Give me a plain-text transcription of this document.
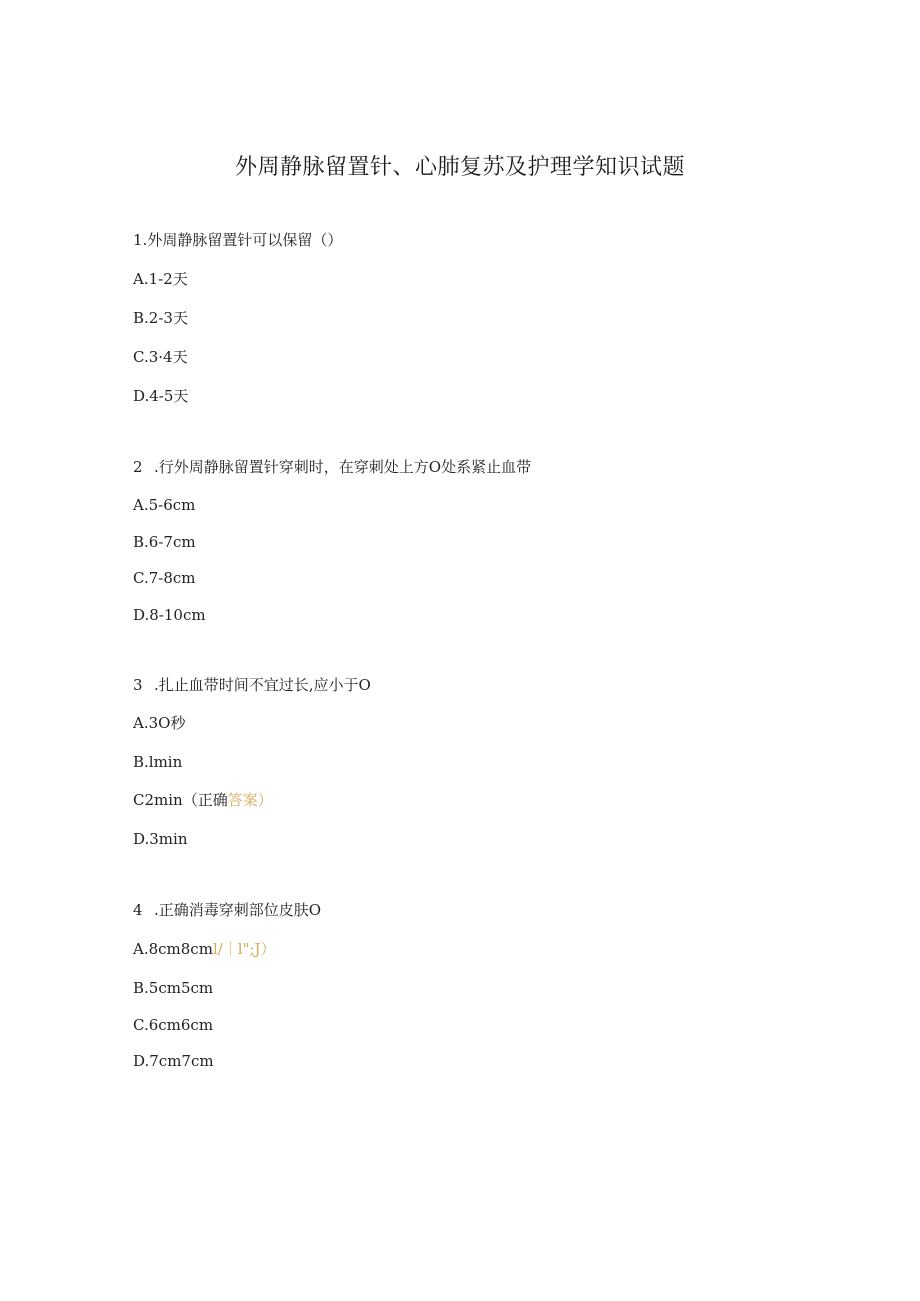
外周静脉留置针、心肺复苏及护理学知识试题
1.外周静脉留置针可以保留（）
A.1-2天
B.2-3天
C.3·4天
D.4-5天
2 .行外周静脉留置针穿刺时，在穿刺处上方O处系紧止血带
A.5-6cm
B.6-7cm
C.7-8cm
D.8-10cm
3 .扎止血带时间不宜过长,应小于O
A.3O秒
B.lmin
C2min（正确答案）
D.3min
4 .正确消毒穿刺部位皮肤O
A.8cm8cml/｜l";J）
B.5cm5cm
C.6cm6cm
D.7cm7cm
